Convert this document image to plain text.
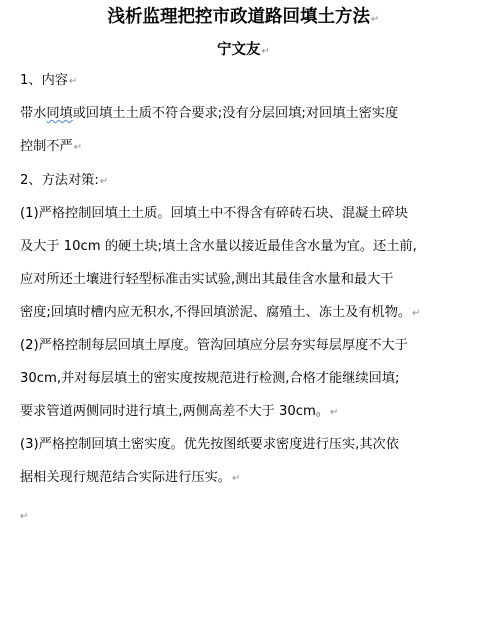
浅析监理把控市政道路回填土方法↵
宁文友↵
1、内容↵
带水同填或回填土土质不符合要求;没有分层回填;对回填土密实度
控制不严↵
2、方法对策:↵
(1)严格控制回填土土质。回填土中不得含有碎砖石块、混凝土碎块
及大于 10cm 的硬土块;填土含水量以接近最佳含水量为宜。还土前,
应对所还土壤进行轻型标准击实试验,测出其最佳含水量和最大干
密度;回填时槽内应无积水,不得回填淤泥、腐殖土、冻土及有机物。↵
(2)严格控制每层回填土厚度。管沟回填应分层夯实每层厚度不大于
30cm,并对每层填土的密实度按规范进行检测,合格才能继续回填;
要求管道两侧同时进行填土,两侧高差不大于 30cm。↵
(3)严格控制回填土密实度。优先按图纸要求密度进行压实,其次依
据相关现行规范结合实际进行压实。↵
↵
